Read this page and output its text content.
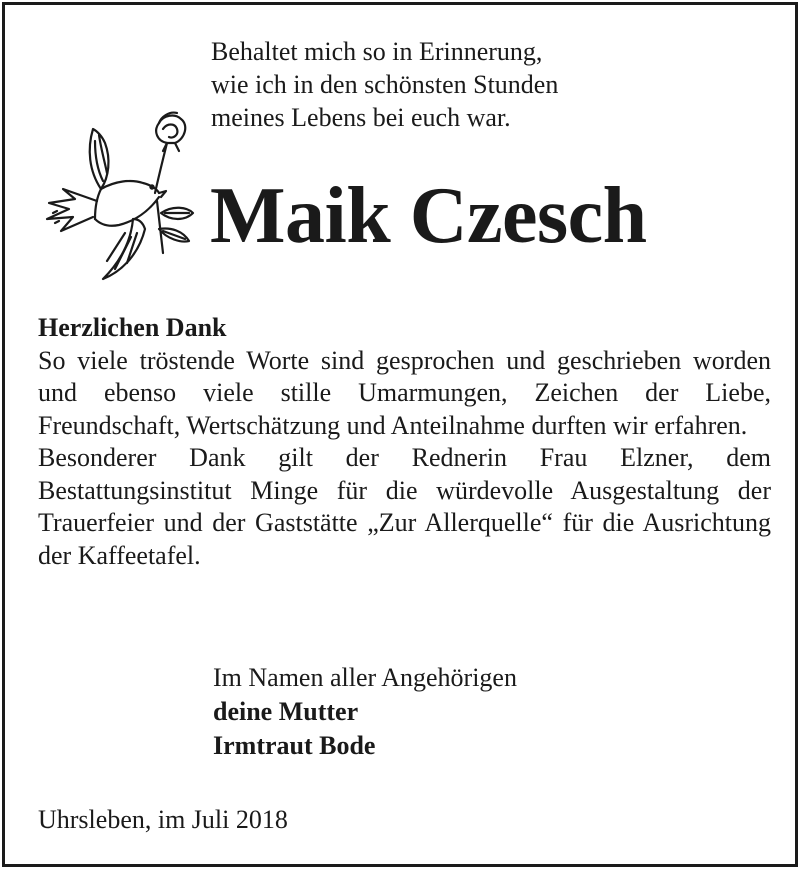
Behaltet mich so in Erinnerung,
wie ich in den schönsten Stunden
meines Lebens bei euch war.
Maik Czesch
Herzlichen Dank

So viele tröstende Worte sind gesprochen und geschrieben worden und ebenso viele stille Umarmungen, Zeichen der Liebe, Freundschaft, Wertschätzung und Anteilnahme durften wir erfahren.

Besonderer Dank gilt der Rednerin Frau Elzner, dem Bestattungsinstitut Minge für die würdevolle Ausgestaltung der Trauerfeier und der Gaststätte „Zur Allerquelle“ für die Ausrichtung der Kaffeetafel.

Im Namen aller Angehörigen
deine Mutter
Irmtraut Bode
Uhrsleben, im Juli 2018
